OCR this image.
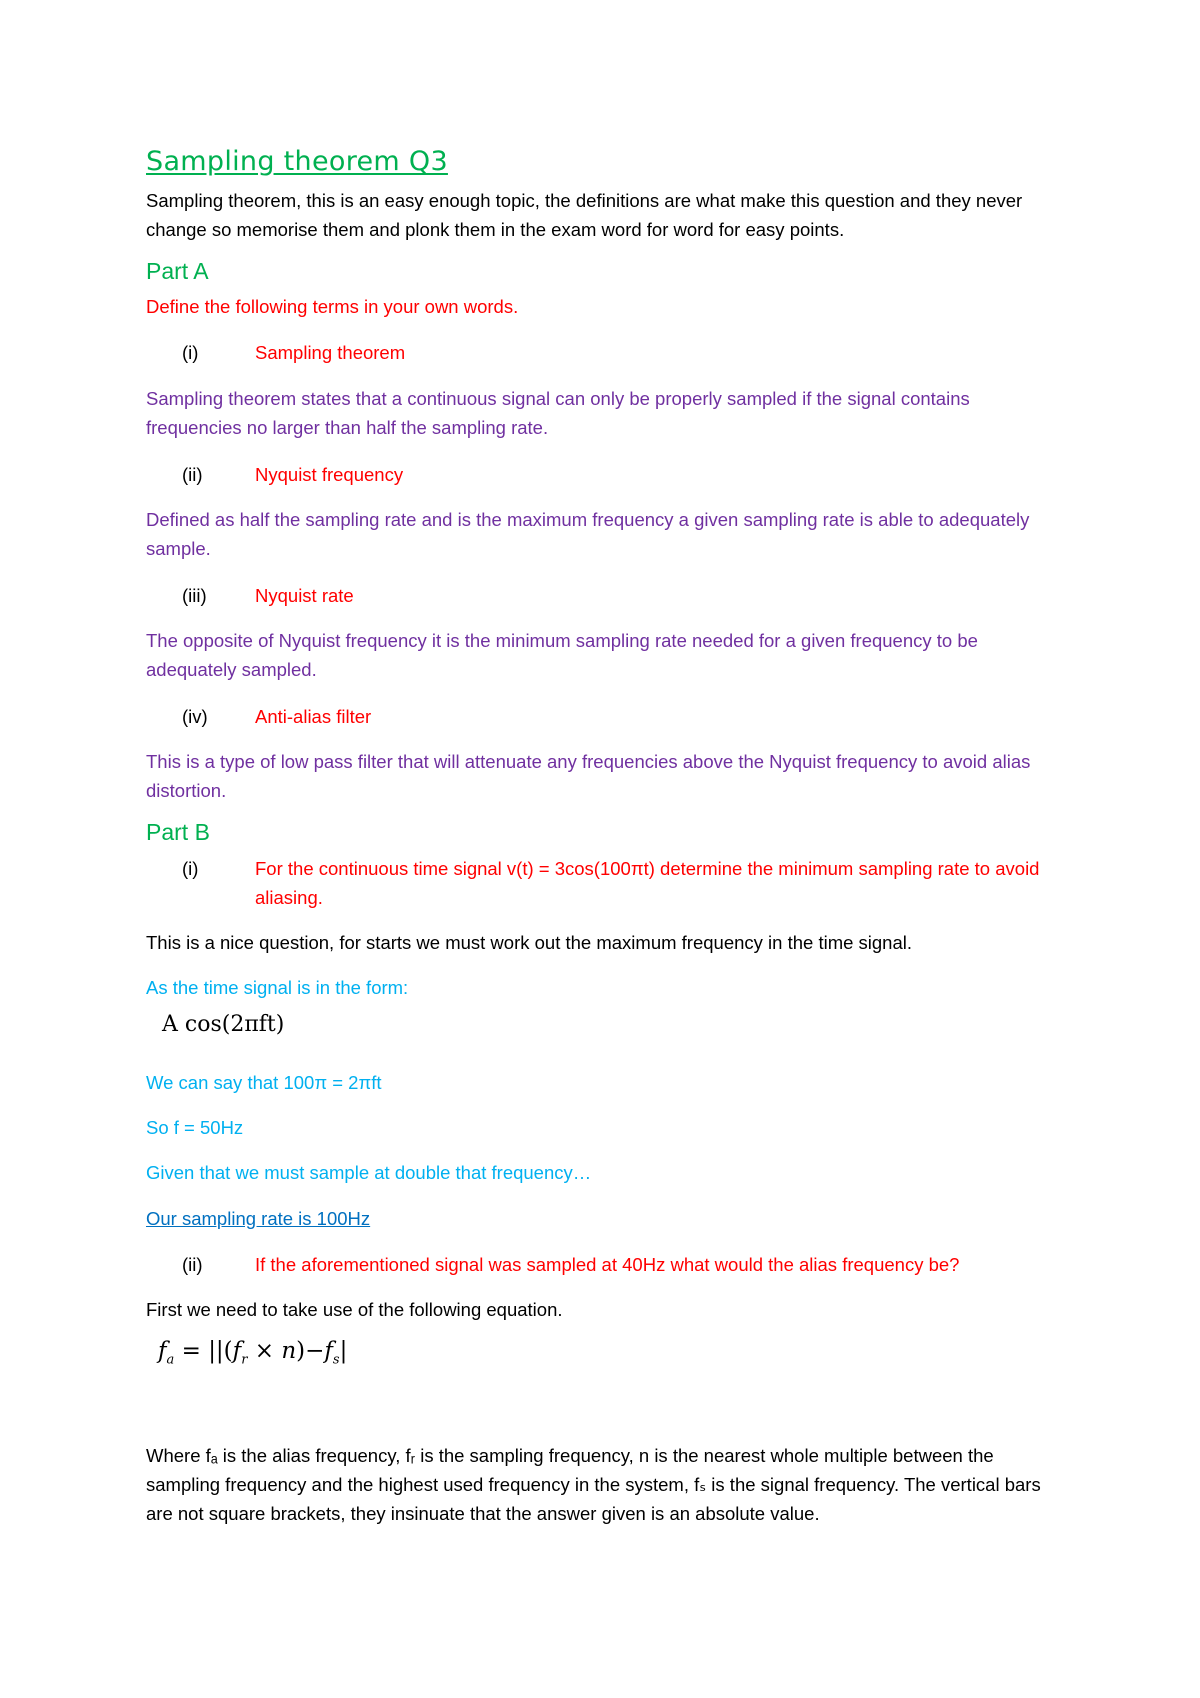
Sampling theorem Q3

Sampling theorem, this is an easy enough topic, the definitions are what make this question and they never change so memorise them and plonk them in the exam word for word for easy points.

Part A

Define the following terms in your own words.

(i)	Sampling theorem

Sampling theorem states that a continuous signal can only be properly sampled if the signal contains frequencies no larger than half the sampling rate.

(ii)	Nyquist frequency

Defined as half the sampling rate and is the maximum frequency a given sampling rate is able to adequately sample.

(iii)	Nyquist rate

The opposite of Nyquist frequency it is the minimum sampling rate needed for a given frequency to be adequately sampled.

(iv)	Anti-alias filter

This is a type of low pass filter that will attenuate any frequencies above the Nyquist frequency to avoid alias distortion.

Part B
(i)	For the continuous time signal v(t) = 3cos(100πt) determine the minimum sampling rate to avoid aliasing.

This is a nice question, for starts we must work out the maximum frequency in the time signal.

As the time signal is in the form:

A cos(2πft)

We can say that 100π = 2πft

So f = 50Hz

Given that we must sample at double that frequency…

Our sampling rate is 100Hz

(ii)	If the aforementioned signal was sampled at 40Hz what would the alias frequency be?

First we need to take use of the following equation.

$f_a = ||(f_r \times n)-f_s|$

Where fₐ is the alias frequency, fᵣ is the sampling frequency, n is the nearest whole multiple between the sampling frequency and the highest used frequency in the system, fₛ is the signal frequency. The vertical bars are not square brackets, they insinuate that the answer given is an absolute value.
